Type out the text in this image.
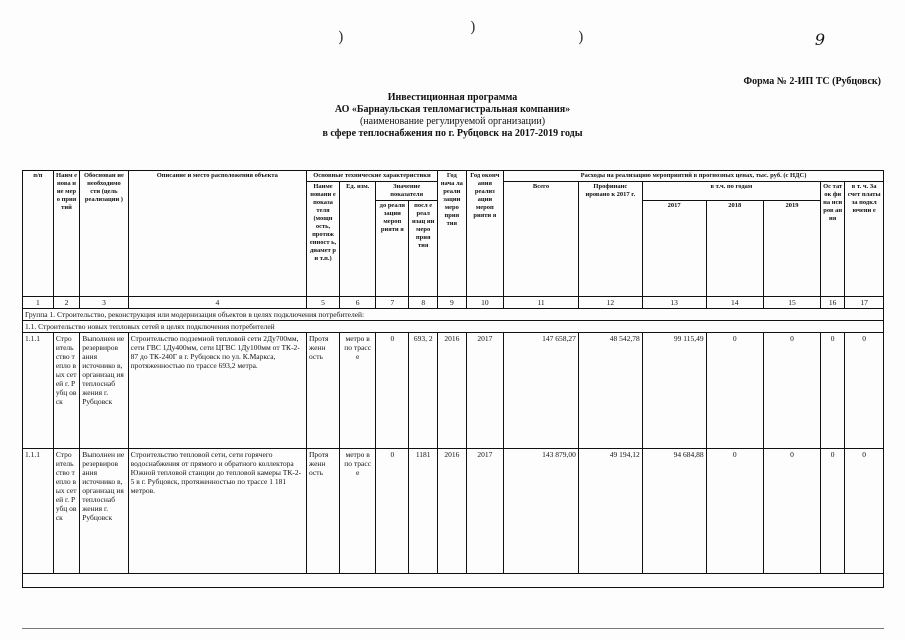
)
)
)	9
Форма № 2-ИП ТС (Рубцовск)
Инвестиционная программа
АО «Барнаульская тепломагистральная компания»
(наименование регулируемой организации)
в сфере теплоснабжения по г. Рубцовск на 2017-2019 годы
п/п	Наим енова ние меро прия тий	Обоснован ие необходимо сти (цель реализации )	Описание и место расположения объекта	Основные технические характеристики				Год нача ла реали зации меро прия тия	Год оконч ания реализ ации мероп рияти я	Расходы на реализацию мероприятий в прогнозных ценах, тыс. руб. (с НДС)						
				Наиме новани е показа теля (мощн ость, протяж енност ь, диамет р и т.п.)	Ед. изм.	Значение показателя				Всего	Профинанс ировано к 2017 г.	в т.ч. по годам			Ос тат ок фи на нси ров ан ия	в т. ч. За счет платы за подкл ючени е
						до реали зации мероп рияти я	посл е реал изац ии меро прия тия					2017	2018	2019		
1	2	3	4	5	6	7	8	9	10	11	12	13	14	15	16	17
Группа 1. Строительство, реконструкция или модернизация объектов в целях подключения потребителей:																
1.1. Строительство новых тепловых сетей в целях подключения потребителей																
1.1.1	Стро итель ство тепло вых сетей г. Рубц овск	Выполнен ие резервиров ания источнико в, организац ия теплоснаб жения г. Рубцовск	Строительство подземной тепловой сети 2Ду700мм, сети ГВС 1Ду400мм, сети ЦГВС 1Ду100мм от ТК-2-87 до ТК-240Г в г. Рубцовск по ул. К.Маркса, протяженностью по трассе 693,2 метра.	Протя женн ость	метро в по трасс е	0	693, 2	2016	2017	147 658,27	48 542,78	99 115,49	0	0	0	0
1.1.1	Стро итель ство тепло вых сетей г. Рубц овск	Выполнен ие резервиров ания источнико в, организац ия теплоснаб жения г. Рубцовск	Строительство тепловой сети, сети горячего водоснабжения от прямого и обратного коллектора Южной тепловой станции до тепловой камеры ТК-2-5 в г. Рубцовск, протяженностью по трассе 1 181 метров.	Протя женн ость	метро в по трасс е	0	1181	2016	2017	143 879,00	49 194,12	94 684,88	0	0	0	0
